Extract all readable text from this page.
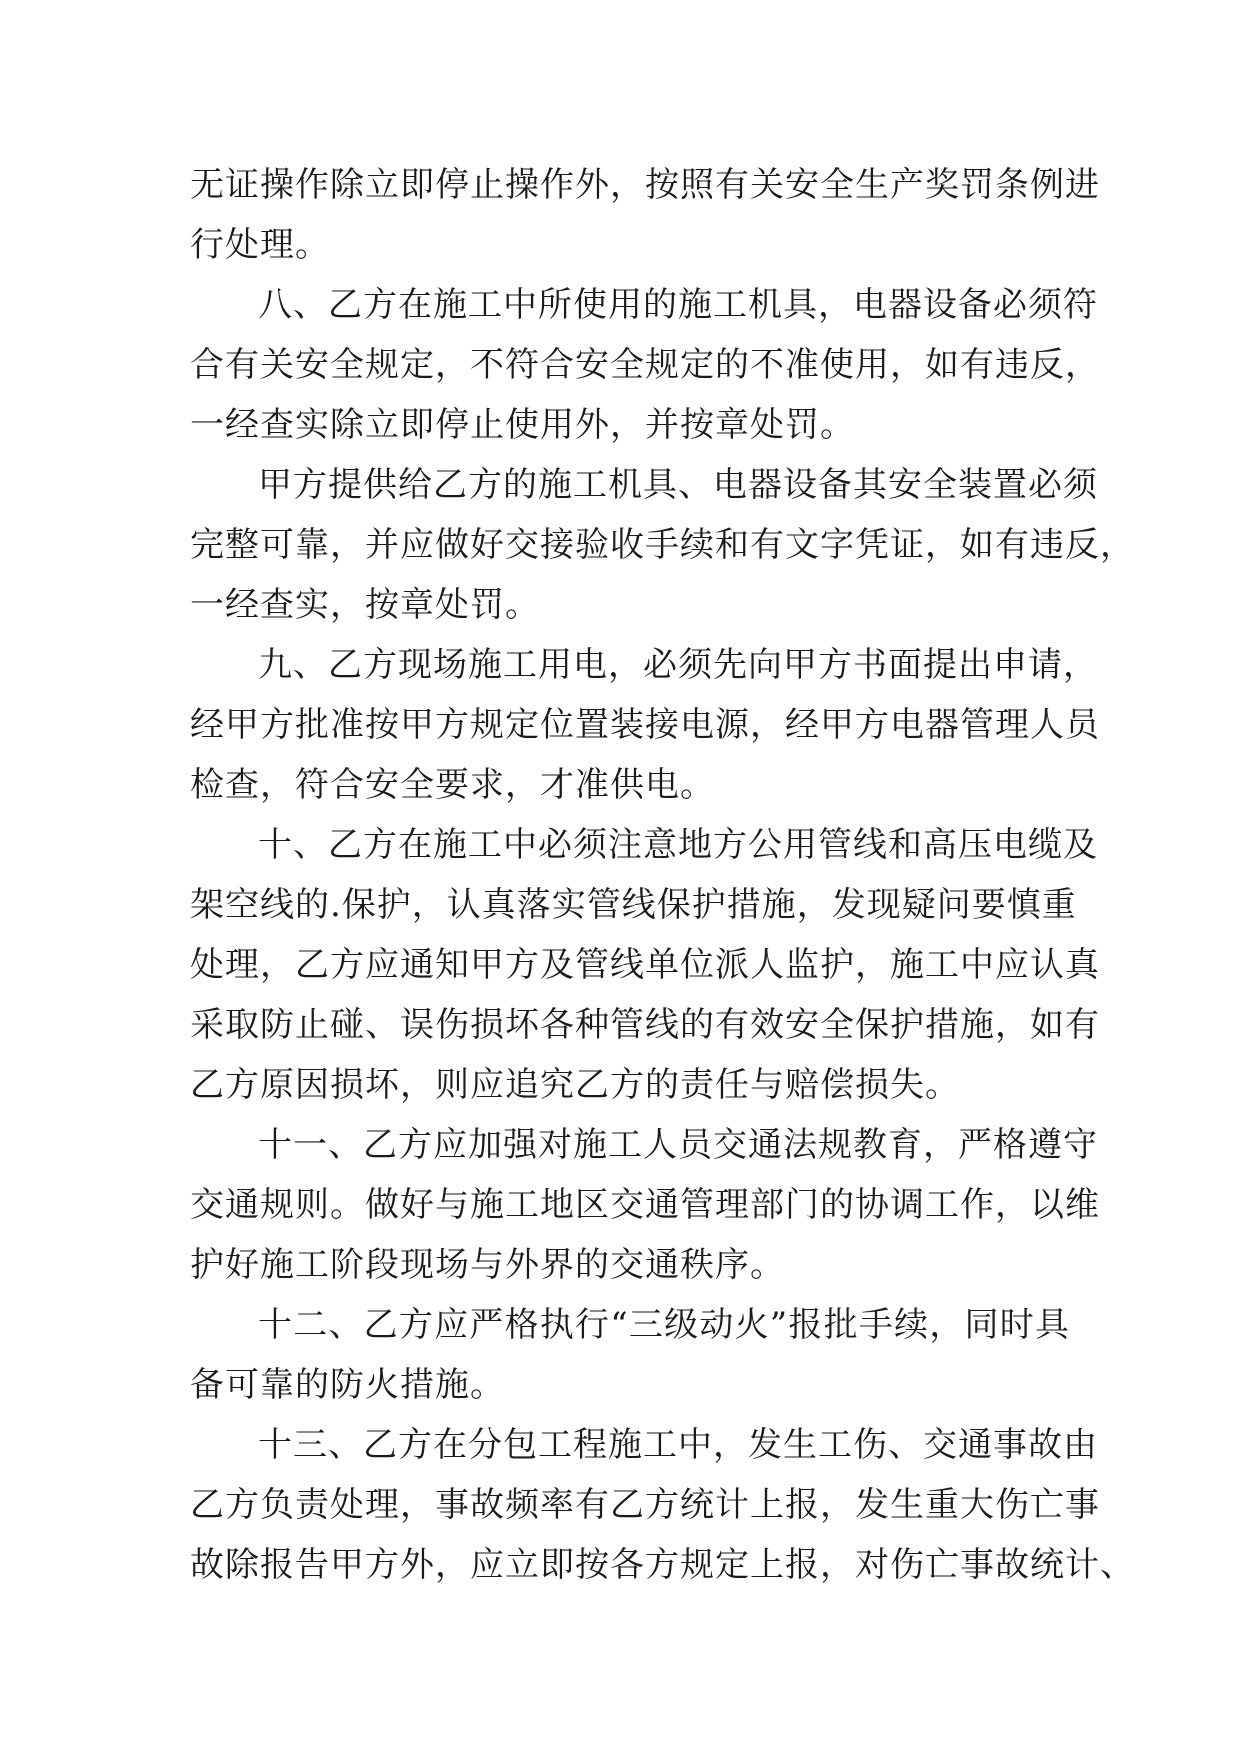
无证操作除立即停止操作外，按照有关安全生产奖罚条例进
行处理。
八、乙方在施工中所使用的施工机具，电器设备必须符
合有关安全规定，不符合安全规定的不准使用，如有违反，
一经查实除立即停止使用外，并按章处罚。
甲方提供给乙方的施工机具、电器设备其安全装置必须
完整可靠，并应做好交接验收手续和有文字凭证，如有违反，
一经查实，按章处罚。
九、乙方现场施工用电，必须先向甲方书面提出申请，
经甲方批准按甲方规定位置装接电源，经甲方电器管理人员
检查，符合安全要求，才准供电。
十、乙方在施工中必须注意地方公用管线和高压电缆及
架空线的.保护，认真落实管线保护措施，发现疑问要慎重
处理，乙方应通知甲方及管线单位派人监护，施工中应认真
采取防止碰、误伤损坏各种管线的有效安全保护措施，如有
乙方原因损坏，则应追究乙方的责任与赔偿损失。
十一、乙方应加强对施工人员交通法规教育，严格遵守
交通规则。做好与施工地区交通管理部门的协调工作，以维
护好施工阶段现场与外界的交通秩序。
十二、乙方应严格执行“三级动火”报批手续，同时具
备可靠的防火措施。
十三、乙方在分包工程施工中，发生工伤、交通事故由
乙方负责处理，事故频率有乙方统计上报，发生重大伤亡事
故除报告甲方外，应立即按各方规定上报，对伤亡事故统计、
